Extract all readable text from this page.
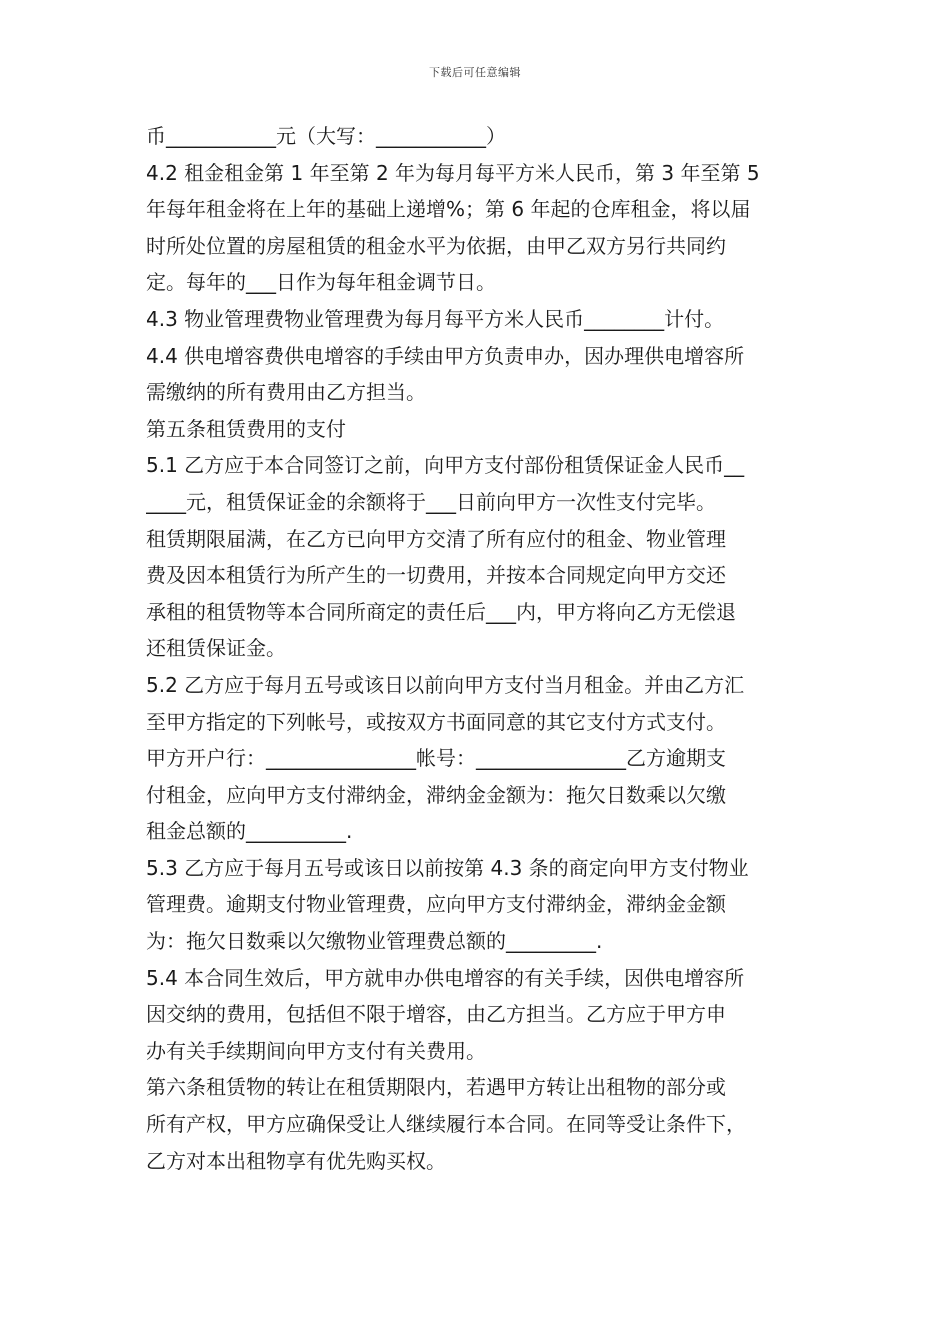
下载后可任意编辑
币___________元（大写：___________）
4.2 租金租金第 1 年至第 2 年为每月每平方米人民币，第 3 年至第 5
年每年租金将在上年的基础上递增%；第 6 年起的仓库租金，将以届
时所处位置的房屋租赁的租金水平为依据，由甲乙双方另行共同约
定。每年的___日作为每年租金调节日。
4.3 物业管理费物业管理费为每月每平方米人民币________计付。
4.4 供电增容费供电增容的手续由甲方负责申办，因办理供电增容所
需缴纳的所有费用由乙方担当。
第五条租赁费用的支付
5.1 乙方应于本合同签订之前，向甲方支付部份租赁保证金人民币__
____元，租赁保证金的余额将于___日前向甲方一次性支付完毕。
租赁期限届满，在乙方已向甲方交清了所有应付的租金、物业管理
费及因本租赁行为所产生的一切费用，并按本合同规定向甲方交还
承租的租赁物等本合同所商定的责任后___内，甲方将向乙方无偿退
还租赁保证金。
5.2 乙方应于每月五号或该日以前向甲方支付当月租金。并由乙方汇
至甲方指定的下列帐号，或按双方书面同意的其它支付方式支付。
甲方开户行：_______________帐号：_______________乙方逾期支
付租金，应向甲方支付滞纳金，滞纳金金额为：拖欠日数乘以欠缴
租金总额的__________.
5.3 乙方应于每月五号或该日以前按第 4.3 条的商定向甲方支付物业
管理费。逾期支付物业管理费，应向甲方支付滞纳金，滞纳金金额
为：拖欠日数乘以欠缴物业管理费总额的_________.
5.4 本合同生效后，甲方就申办供电增容的有关手续，因供电增容所
因交纳的费用，包括但不限于增容，由乙方担当。乙方应于甲方申
办有关手续期间向甲方支付有关费用。
第六条租赁物的转让在租赁期限内，若遇甲方转让出租物的部分或
所有产权，甲方应确保受让人继续履行本合同。在同等受让条件下，
乙方对本出租物享有优先购买权。
